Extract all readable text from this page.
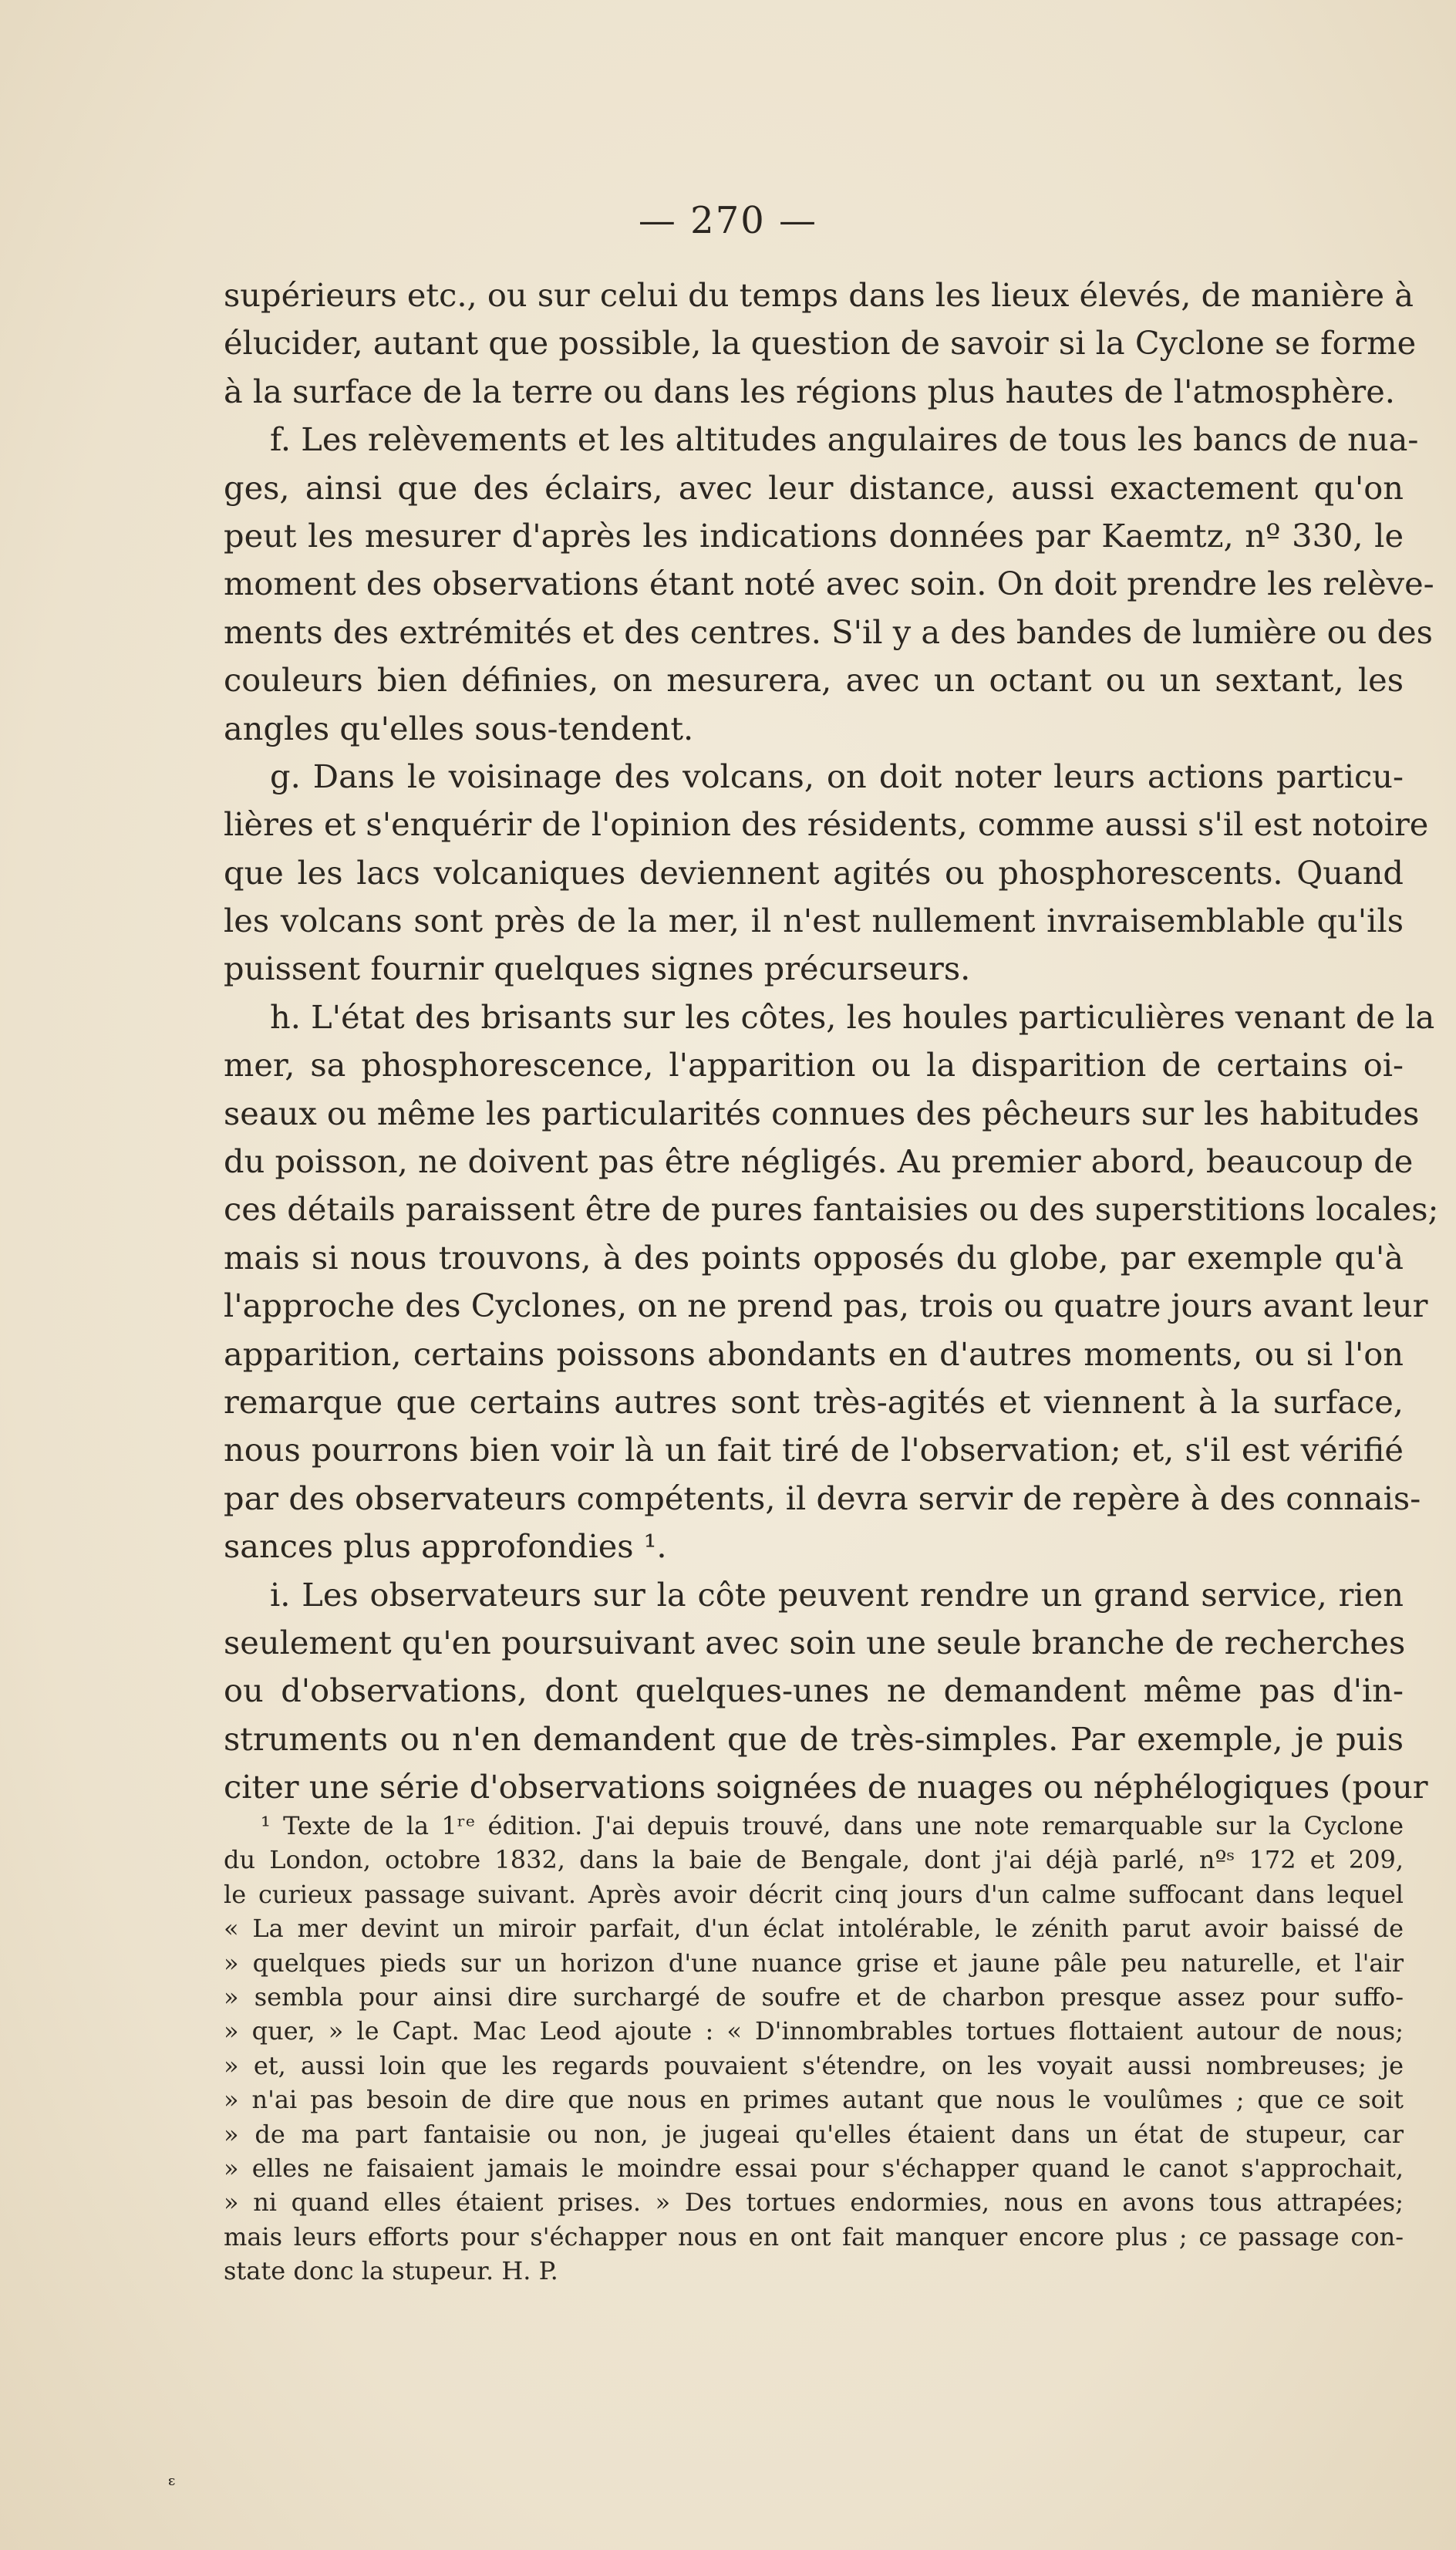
— 270 —
supérieurs etc., ou sur celui du temps dans les lieux élevés, de manière à
élucider, autant que possible, la question de savoir si la Cyclone se forme
à la surface de la terre ou dans les régions plus hautes de l'atmosphère.
f. Les relèvements et les altitudes angulaires de tous les bancs de nua-
ges, ainsi que des éclairs, avec leur distance, aussi exactement qu'on
peut les mesurer d'après les indications données par Kaemtz, nº 330, le
moment des observations étant noté avec soin. On doit prendre les relève-
ments des extrémités et des centres. S'il y a des bandes de lumière ou des
couleurs bien définies, on mesurera, avec un octant ou un sextant, les
angles qu'elles sous-tendent.
g. Dans le voisinage des volcans, on doit noter leurs actions particu-
lières et s'enquérir de l'opinion des résidents, comme aussi s'il est notoire
que les lacs volcaniques deviennent agités ou phosphorescents. Quand
les volcans sont près de la mer, il n'est nullement invraisemblable qu'ils
puissent fournir quelques signes précurseurs.
h. L'état des brisants sur les côtes, les houles particulières venant de la
mer, sa phosphorescence, l'apparition ou la disparition de certains oi-
seaux ou même les particularités connues des pêcheurs sur les habitudes
du poisson, ne doivent pas être négligés. Au premier abord, beaucoup de
ces détails paraissent être de pures fantaisies ou des superstitions locales;
mais si nous trouvons, à des points opposés du globe, par exemple qu'à
l'approche des Cyclones, on ne prend pas, trois ou quatre jours avant leur
apparition, certains poissons abondants en d'autres moments, ou si l'on
remarque que certains autres sont très-agités et viennent à la surface,
nous pourrons bien voir là un fait tiré de l'observation; et, s'il est vérifié
par des observateurs compétents, il devra servir de repère à des connais-
sances plus approfondies ¹.
i. Les observateurs sur la côte peuvent rendre un grand service, rien
seulement qu'en poursuivant avec soin une seule branche de recherches
ou d'observations, dont quelques-unes ne demandent même pas d'in-
struments ou n'en demandent que de très-simples. Par exemple, je puis
citer une série d'observations soignées de nuages ou néphélogiques (pour
¹ Texte de la 1ʳᵉ édition. J'ai depuis trouvé, dans une note remarquable sur la Cyclone
du London, octobre 1832, dans la baie de Bengale, dont j'ai déjà parlé, nºˢ 172 et 209,
le curieux passage suivant. Après avoir décrit cinq jours d'un calme suffocant dans lequel
« La mer devint un miroir parfait, d'un éclat intolérable, le zénith parut avoir baissé de
» quelques pieds sur un horizon d'une nuance grise et jaune pâle peu naturelle, et l'air
» sembla pour ainsi dire surchargé de soufre et de charbon presque assez pour suffo-
» quer, » le Capt. Mac Leod ajoute : « D'innombrables tortues flottaient autour de nous;
» et, aussi loin que les regards pouvaient s'étendre, on les voyait aussi nombreuses; je
» n'ai pas besoin de dire que nous en primes autant que nous le voulûmes ; que ce soit
» de ma part fantaisie ou non, je jugeai qu'elles étaient dans un état de stupeur, car
» elles ne faisaient jamais le moindre essai pour s'échapper quand le canot s'approchait,
» ni quand elles étaient prises. » Des tortues endormies, nous en avons tous attrapées;
mais leurs efforts pour s'échapper nous en ont fait manquer encore plus ; ce passage con-
state donc la stupeur. H. P.
ᵋ
